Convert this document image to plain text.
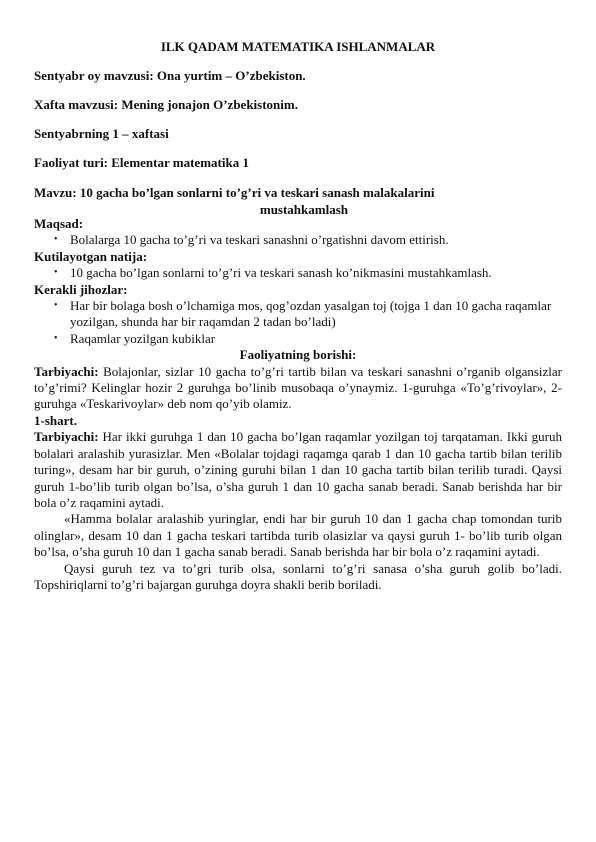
ILK QADAM MATEMATIKA ISHLANMALAR
Sentyabr oy mavzusi: Ona yurtim – O’zbekiston.
Xafta mavzusi: Mening jonajon O’zbekistonim.
Sentyabrning 1 – xaftasi
Faoliyat turi: Elementar matematika 1
Mavzu: 10 gacha bo’lgan sonlarni to’g’ri va teskari sanash malakalarini
mustahkamlash
Maqsad:
• Bolalarga 10 gacha to’g’ri va teskari sanashni o’rgatishni davom ettirish.
Kutilayotgan natija:
• 10 gacha bo’lgan sonlarni to’g’ri va teskari sanash ko’nikmasini mustahkamlash.
Kerakli jihozlar:
• Har bir bolaga bosh o’lchamiga mos, qog’ozdan yasalgan toj (tojga 1 dan 10 gacha raqamlar yozilgan, shunda har bir raqamdan 2 tadan bo’ladi)
• Raqamlar yozilgan kubiklar
Faoliyatning borishi:
Tarbiyachi: Bolajonlar, sizlar 10 gacha to’g’ri tartib bilan va teskari sanashni o’rganib olgansizlar to’g’rimi? Kelinglar hozir 2 guruhga bo’linib musobaqa o’ynaymiz. 1-guruhga «To’g’rivoylar», 2-guruhga «Teskarivoylar» deb nom qo’yib olamiz.
1-shart.
Tarbiyachi: Har ikki guruhga 1 dan 10 gacha bo’lgan raqamlar yozilgan toj tarqataman. Ikki guruh bolalari aralashib yurasizlar. Men «Bolalar tojdagi raqamga qarab 1 dan 10 gacha tartib bilan terilib turing», desam har bir guruh, o’zining guruhi bilan 1 dan 10 gacha tartib bilan terilib turadi. Qaysi guruh 1-bo’lib turib olgan bo’lsa, o’sha guruh 1 dan 10 gacha sanab beradi. Sanab berishda har bir bola o’z raqamini aytadi.
«Hamma bolalar aralashib yuringlar, endi har bir guruh 10 dan 1 gacha chap tomondan turib olinglar», desam 10 dan 1 gacha teskari tartibda turib olasizlar va qaysi guruh 1- bo’lib turib olgan bo’lsa, o’sha guruh 10 dan 1 gacha sanab beradi. Sanab berishda har bir bola o’z raqamini aytadi.
Qaysi guruh tez va to’gri turib olsa, sonlarni to’g’ri sanasa o’sha guruh golib bo’ladi. Topshiriqlarni to’g’ri bajargan guruhga doyra shakli berib boriladi.
